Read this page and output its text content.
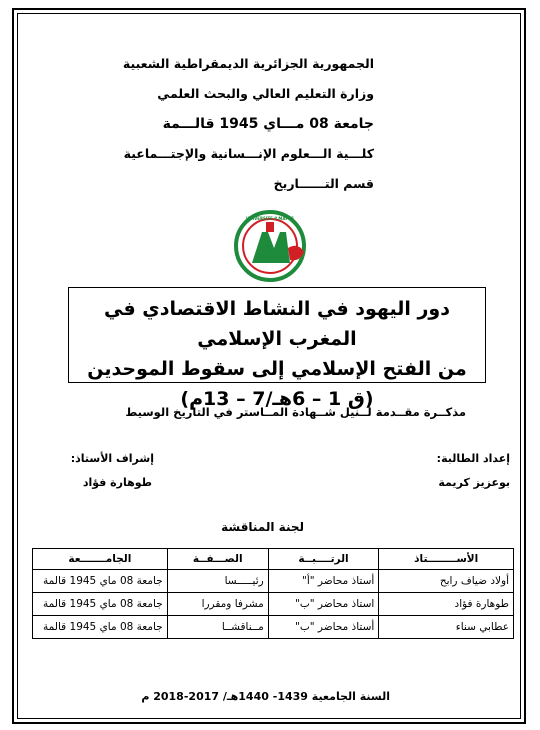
الجمهورية الجزائرية الديمقراطية الشعبية
وزارة التعليم العالي والبحث العلمي
جامعة 08 مـــاي 1945 قالـــمة
كلـــية الـــعلوم الإنـــسانية والإجتـــماعية
قسم التــــــاريخ
UNIVERSITE 8 MAI 45
دور اليهود في النشاط الاقتصادي في المغرب الإسلامي
من الفتح الإسلامي إلى سقوط الموحدين
(ق 1 – 6هـ/7 – 13م)
مذكــرة مقــدمة لــنيل شــهادة المــاستر في التاريخ الوسيط
إعداد الطالبة:
بوعزيز كريمة
إشراف الأستاذ:
طوهارة فؤاد
لجنة المناقشة
الأســــــــتاذ	الرتــــبــة	الصـــفــة	الجامـــــــعة
أولاد ضياف رابح	أستاذ محاضر "أ"	رئيـــــسا	جامعة 08 ماي 1945 قالمة
طوهارة فؤاد	استاذ محاضر "ب"	مشرفا ومقررا	جامعة 08 ماي 1945 قالمة
عطابي سناء	أستاذ محاضر "ب"	مــناقشــا	جامعة 08 ماي 1945 قالمة
السنة الجامعية 1439- 1440هـ/ 2017-2018 م
